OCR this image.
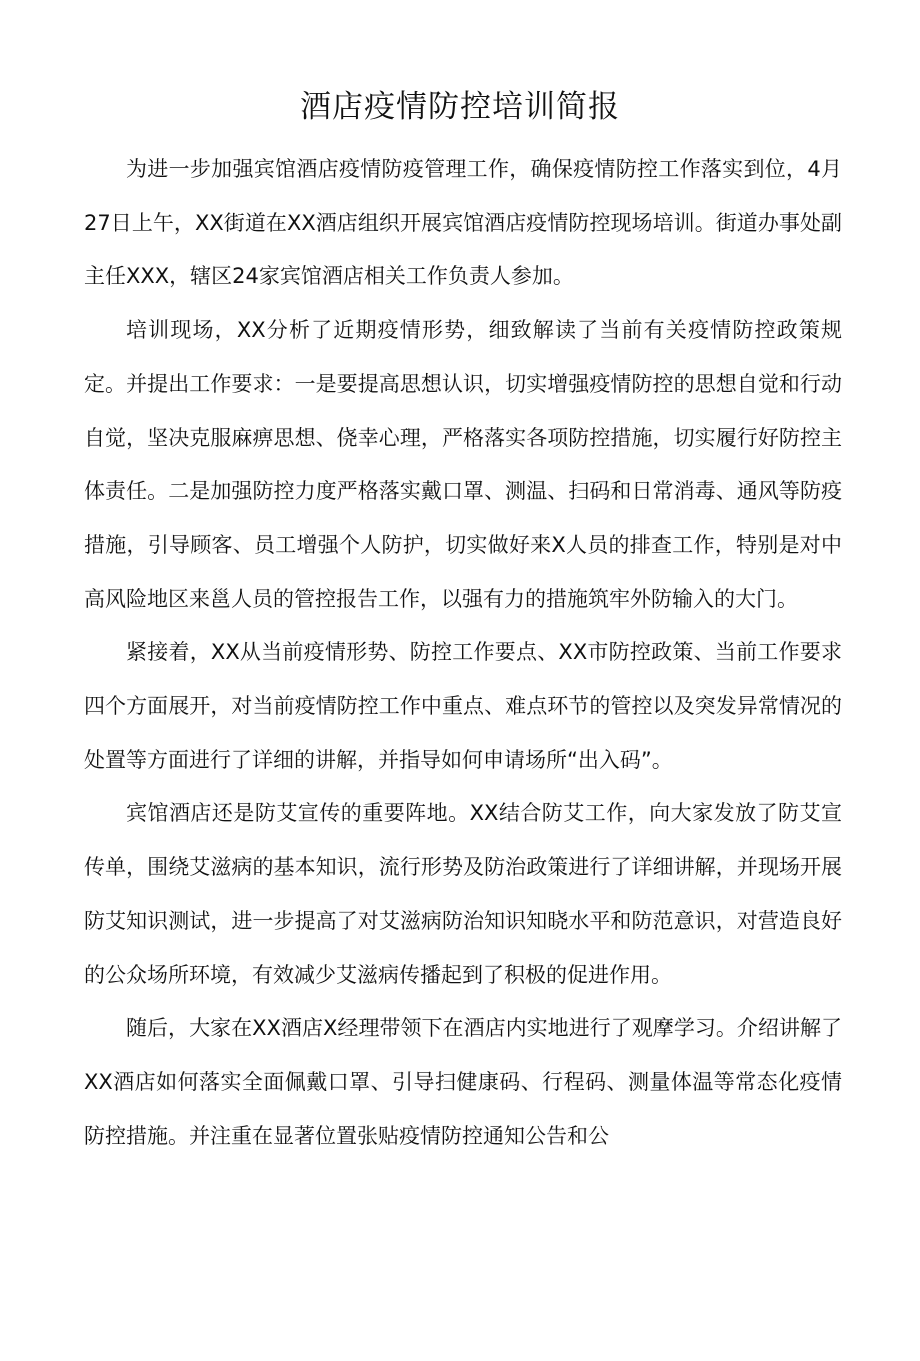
酒店疫情防控培训简报

为进一步加强宾馆酒店疫情防疫管理工作，确保疫情防控工作落实到位，4月27日上午，XX街道在XX酒店组织开展宾馆酒店疫情防控现场培训。街道办事处副主任XXX，辖区24家宾馆酒店相关工作负责人参加。

培训现场，XX分析了近期疫情形势，细致解读了当前有关疫情防控政策规定。并提出工作要求：一是要提高思想认识，切实增强疫情防控的思想自觉和行动自觉，坚决克服麻痹思想、侥幸心理，严格落实各项防控措施，切实履行好防控主体责任。二是加强防控力度严格落实戴口罩、测温、扫码和日常消毒、通风等防疫措施，引导顾客、员工增强个人防护，切实做好来X人员的排查工作，特别是对中高风险地区来邕人员的管控报告工作，以强有力的措施筑牢外防输入的大门。

紧接着，XX从当前疫情形势、防控工作要点、XX市防控政策、当前工作要求四个方面展开，对当前疫情防控工作中重点、难点环节的管控以及突发异常情况的处置等方面进行了详细的讲解，并指导如何申请场所“出入码”。

宾馆酒店还是防艾宣传的重要阵地。XX结合防艾工作，向大家发放了防艾宣传单，围绕艾滋病的基本知识，流行形势及防治政策进行了详细讲解，并现场开展防艾知识测试，进一步提高了对艾滋病防治知识知晓水平和防范意识，对营造良好的公众场所环境，有效减少艾滋病传播起到了积极的促进作用。

随后，大家在XX酒店X经理带领下在酒店内实地进行了观摩学习。介绍讲解了XX酒店如何落实全面佩戴口罩、引导扫健康码、行程码、测量体温等常态化疫情防控措施。并注重在显著位置张贴疫情防控通知公告和公
